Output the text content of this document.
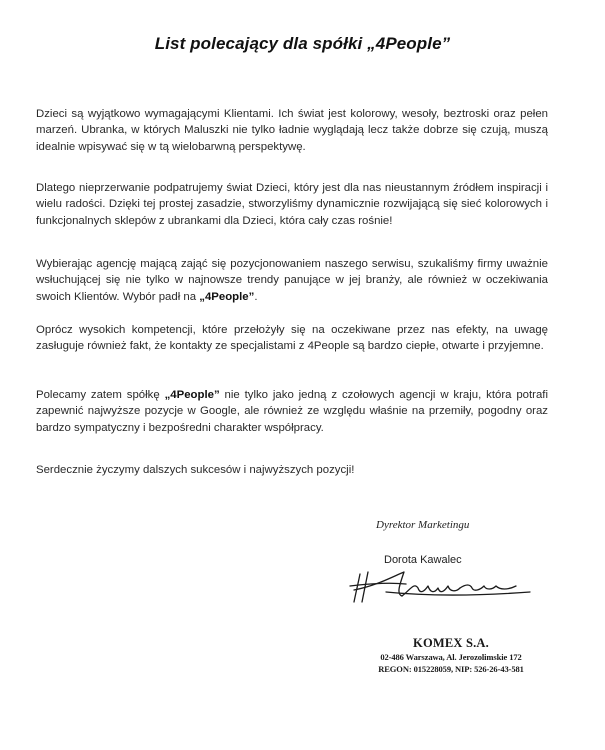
List polecający dla spółki „4People”
Dzieci są wyjątkowo wymagającymi Klientami. Ich świat jest kolorowy, wesoły, beztroski oraz pełen marzeń. Ubranka, w których Maluszki nie tylko ładnie wyglądają lecz także dobrze się czują, muszą idealnie wpisywać się w tą wielobarwną perspektywę.
Dlatego nieprzerwanie podpatrujemy świat Dzieci, który jest dla nas nieustannym źródłem inspiracji i wielu radości. Dzięki tej prostej zasadzie, stworzyliśmy dynamicznie rozwijającą się sieć kolorowych i funkcjonalnych sklepów z ubrankami dla Dzieci, która cały czas rośnie!
Wybierając agencję mającą zająć się pozycjonowaniem naszego serwisu, szukaliśmy firmy uważnie wsłuchującej się nie tylko w najnowsze trendy panujące w jej branży, ale również w oczekiwania swoich Klientów. Wybór padł na „4People”.
Oprócz wysokich kompetencji, które przełożyły się na oczekiwane przez nas efekty, na uwagę zasługuje również fakt, że kontakty ze specjalistami z 4People są bardzo ciepłe, otwarte i przyjemne.
Polecamy zatem spółkę „4People” nie tylko jako jedną z czołowych agencji w kraju, która potrafi zapewnić najwyższe pozycje w Google, ale również ze względu właśnie na przemiły, pogodny oraz bardzo sympatyczny i bezpośredni charakter współpracy.
Serdecznie życzymy dalszych sukcesów i najwyższych pozycji!
Dyrektor Marketingu
Dorota Kawalec
KOMEX S.A.
02-486 Warszawa, Al. Jerozolimskie 172
REGON: 015228059, NIP: 526-26-43-581
